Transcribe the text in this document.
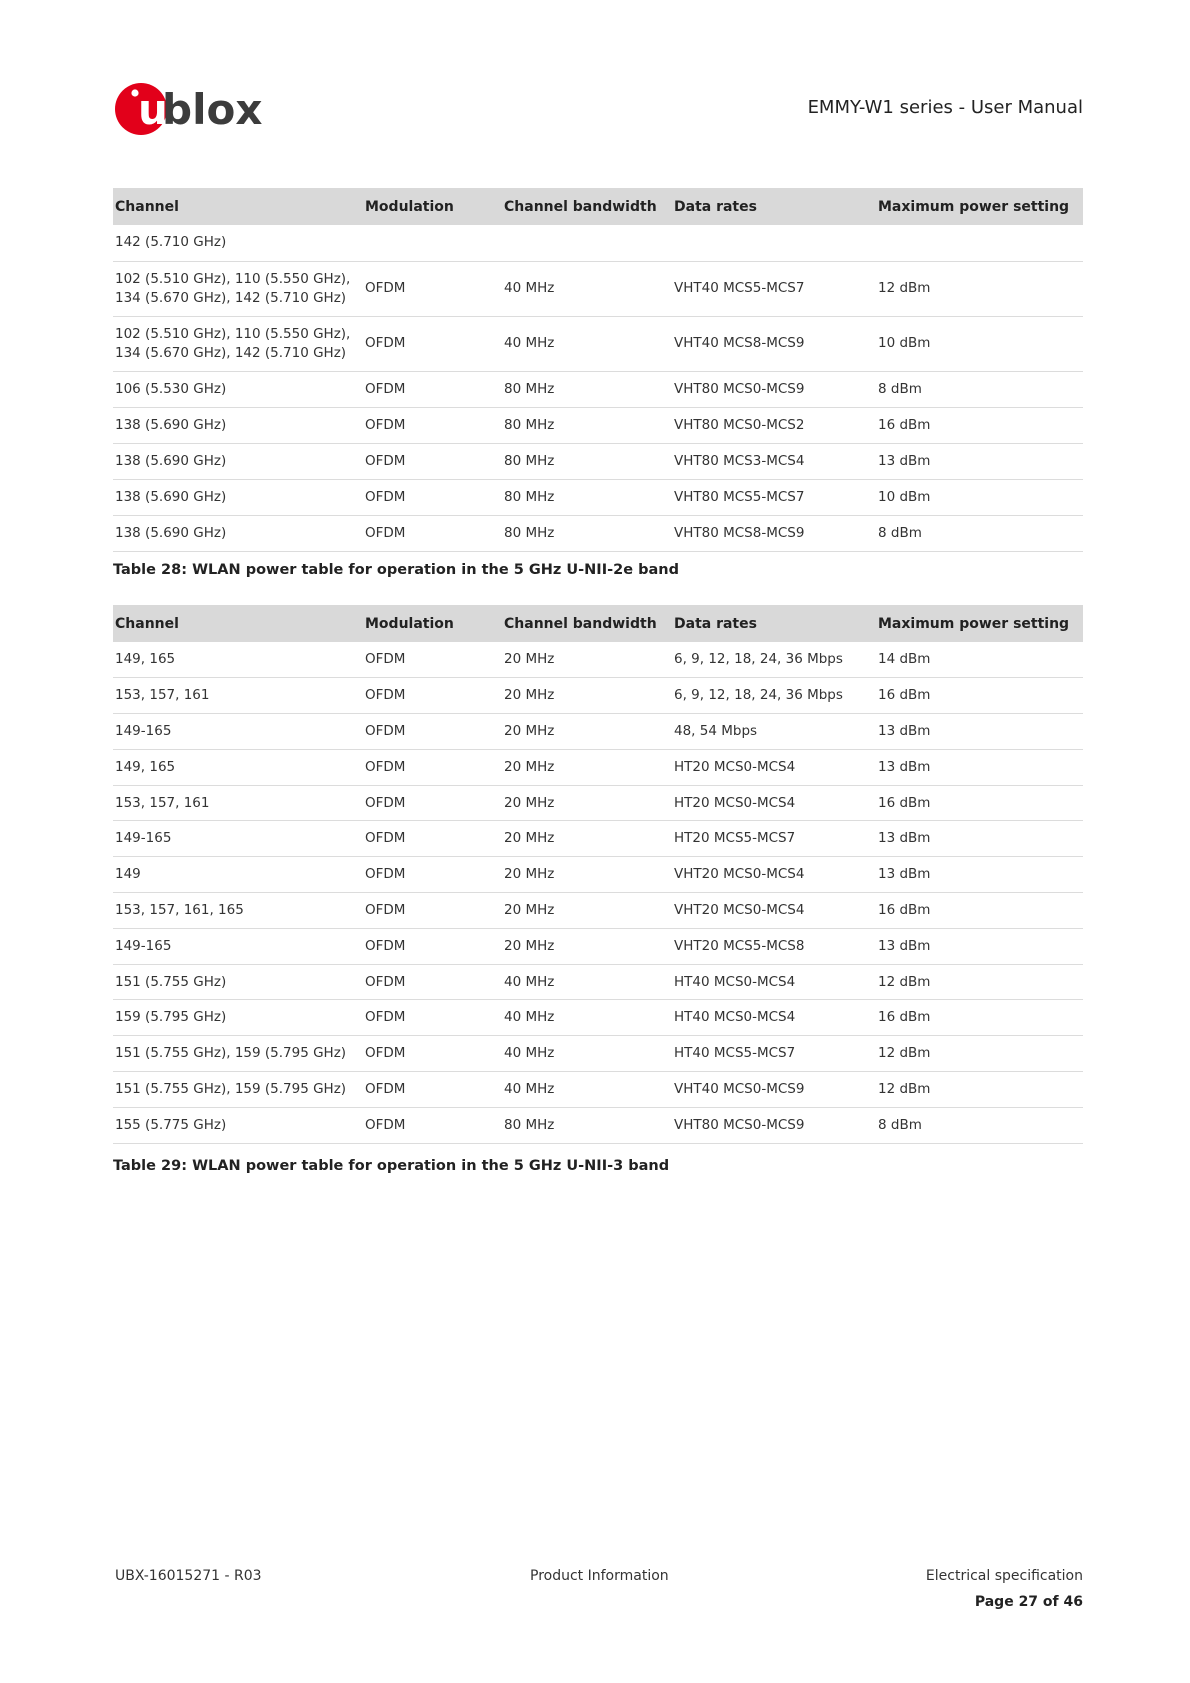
u
blox	EMMY-W1 series - User Manual
Channel	Modulation	Channel bandwidth	Data rates	Maximum power setting
142 (5.710 GHz)				
102 (5.510 GHz), 110 (5.550 GHz),
134 (5.670 GHz), 142 (5.710 GHz)	OFDM	40 MHz	VHT40 MCS5-MCS7	12 dBm
102 (5.510 GHz), 110 (5.550 GHz),
134 (5.670 GHz), 142 (5.710 GHz)	OFDM	40 MHz	VHT40 MCS8-MCS9	10 dBm
106 (5.530 GHz)	OFDM	80 MHz	VHT80 MCS0-MCS9	8 dBm
138 (5.690 GHz)	OFDM	80 MHz	VHT80 MCS0-MCS2	16 dBm
138 (5.690 GHz)	OFDM	80 MHz	VHT80 MCS3-MCS4	13 dBm
138 (5.690 GHz)	OFDM	80 MHz	VHT80 MCS5-MCS7	10 dBm
138 (5.690 GHz)	OFDM	80 MHz	VHT80 MCS8-MCS9	8 dBm
Table 28: WLAN power table for operation in the 5 GHz U-NII-2e band
Channel	Modulation	Channel bandwidth	Data rates	Maximum power setting
149, 165	OFDM	20 MHz	6, 9, 12, 18, 24, 36 Mbps	14 dBm
153, 157, 161	OFDM	20 MHz	6, 9, 12, 18, 24, 36 Mbps	16 dBm
149-165	OFDM	20 MHz	48, 54 Mbps	13 dBm
149, 165	OFDM	20 MHz	HT20 MCS0-MCS4	13 dBm
153, 157, 161	OFDM	20 MHz	HT20 MCS0-MCS4	16 dBm
149-165	OFDM	20 MHz	HT20 MCS5-MCS7	13 dBm
149	OFDM	20 MHz	VHT20 MCS0-MCS4	13 dBm
153, 157, 161, 165	OFDM	20 MHz	VHT20 MCS0-MCS4	16 dBm
149-165	OFDM	20 MHz	VHT20 MCS5-MCS8	13 dBm
151 (5.755 GHz)	OFDM	40 MHz	HT40 MCS0-MCS4	12 dBm
159 (5.795 GHz)	OFDM	40 MHz	HT40 MCS0-MCS4	16 dBm
151 (5.755 GHz), 159 (5.795 GHz)	OFDM	40 MHz	HT40 MCS5-MCS7	12 dBm
151 (5.755 GHz), 159 (5.795 GHz)	OFDM	40 MHz	VHT40 MCS0-MCS9	12 dBm
155 (5.775 GHz)	OFDM	80 MHz	VHT80 MCS0-MCS9	8 dBm
Table 29: WLAN power table for operation in the 5 GHz U-NII-3 band
UBX-16015271 - R03	Product Information	Electrical specification
Page 27 of 46
